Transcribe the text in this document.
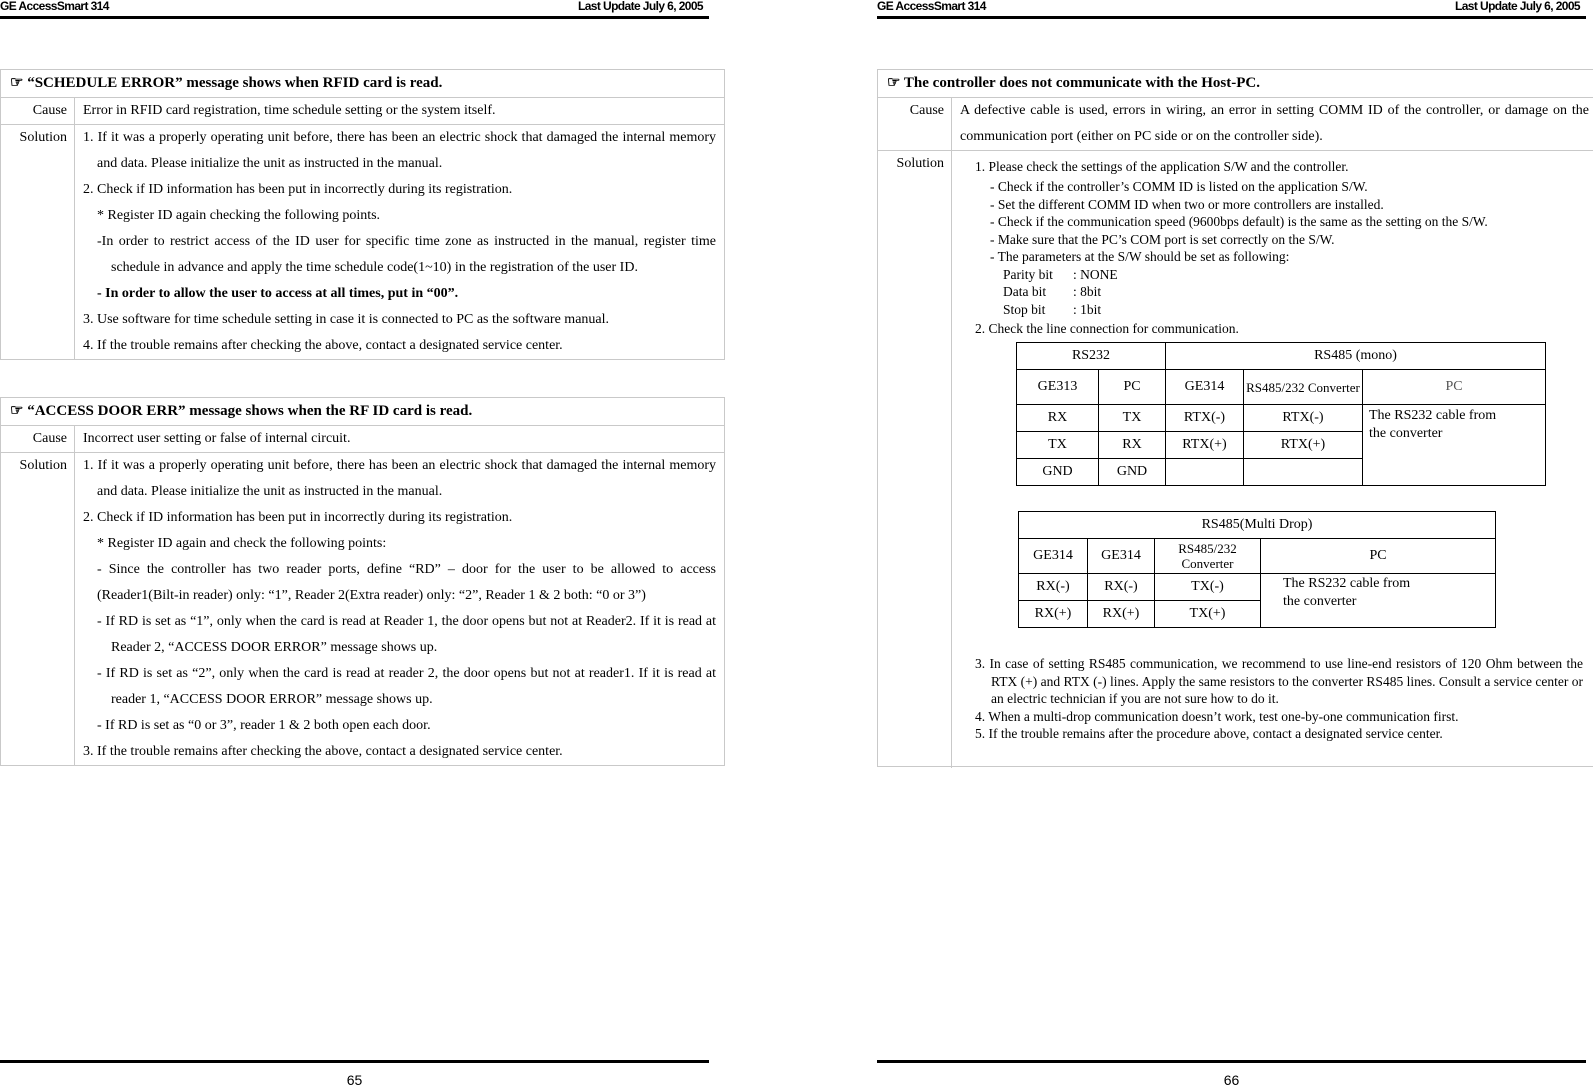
GE AccessSmart 314	Last Update July 6, 2005
☞ “SCHEDULE ERROR” message shows when RFID card is read.
Cause	Error in RFID card registration, time schedule setting or the system itself.
Solution	1. If it was a properly operating unit before, there has been an electric shock that damaged the internal memory and data. Please initialize the unit as instructed in the manual.

2. Check if ID information has been put in incorrectly during its registration.

* Register ID again checking the following points.

-In order to restrict access of the ID user for specific time zone as instructed in the manual, register time schedule in advance and apply the time schedule code(1~10) in the registration of the user ID.

- In order to allow the user to access at all times, put in “00”.

3. Use software for time schedule setting in case it is connected to PC as the software manual.

4. If the trouble remains after checking the above, contact a designated service center.

☞ “ACCESS DOOR ERR” message shows when the RF ID card is read.
Cause	Incorrect user setting or false of internal circuit.
Solution	1. If it was a properly operating unit before, there has been an electric shock that damaged the internal memory and data. Please initialize the unit as instructed in the manual.

2. Check if ID information has been put in incorrectly during its registration.

* Register ID again and check the following points:

- Since the controller has two reader ports, define “RD” – door for the user to be allowed to access (Reader1(Bilt-in reader) only: “1”, Reader 2(Extra reader) only: “2”, Reader 1 & 2 both: “0 or 3”)

- If RD is set as “1”, only when the card is read at Reader 1, the door opens but not at Reader2. If it is read at Reader 2, “ACCESS DOOR ERROR” message shows up.

- If RD is set as “2”, only when the card is read at reader 2, the door opens but not at reader1. If it is read at reader 1, “ACCESS DOOR ERROR” message shows up.

- If RD is set as “0 or 3”, reader 1 & 2 both open each door.

3. If the trouble remains after checking the above, contact a designated service center.

65
GE AccessSmart 314	Last Update July 6, 2005
☞ The controller does not communicate with the Host-PC.
Cause	A defective cable is used, errors in wiring, an error in setting COMM ID of the controller, or damage on the communication port (either on PC side or on the controller side).
Solution	1. Please check the settings of the application S/W and the controller.

- Check if the controller’s COMM ID is listed on the application S/W.

- Set the different COMM ID when two or more controllers are installed.

- Check if the communication speed (9600bps default) is the same as the setting on the S/W.

- Make sure that the PC’s COM port is set correctly on the S/W.

- The parameters at the S/W should be set as following:

Parity bit : NONE

Data bit : 8bit

Stop bit : 1bit

2. Check the line connection for communication.

RS232		RS485 (mono)		
GE313	PC	GE314	RS485/232 Converter	PC
RX	TX	RTX(-)	RTX(-)	The RS232 cable from the converter

TX	RX	RTX(+)	RTX(+)	
GND	GND			
RS485(Multi Drop)			
GE314	GE314	RS485/232 Converter	PC
RX(-)	RX(-)	TX(-)	The RS232 cable from the converter

RX(+)	RX(+)	TX(+)	

3. In case of setting RS485 communication, we recommend to use line-end resistors of 120 Ohm between the RTX (+) and RTX (-) lines. Apply the same resistors to the converter RS485 lines. Consult a service center or an electric technician if you are not sure how to do it.

4. When a multi-drop communication doesn’t work, test one-by-one communication first.

5. If the trouble remains after the procedure above, contact a designated service center.

66
